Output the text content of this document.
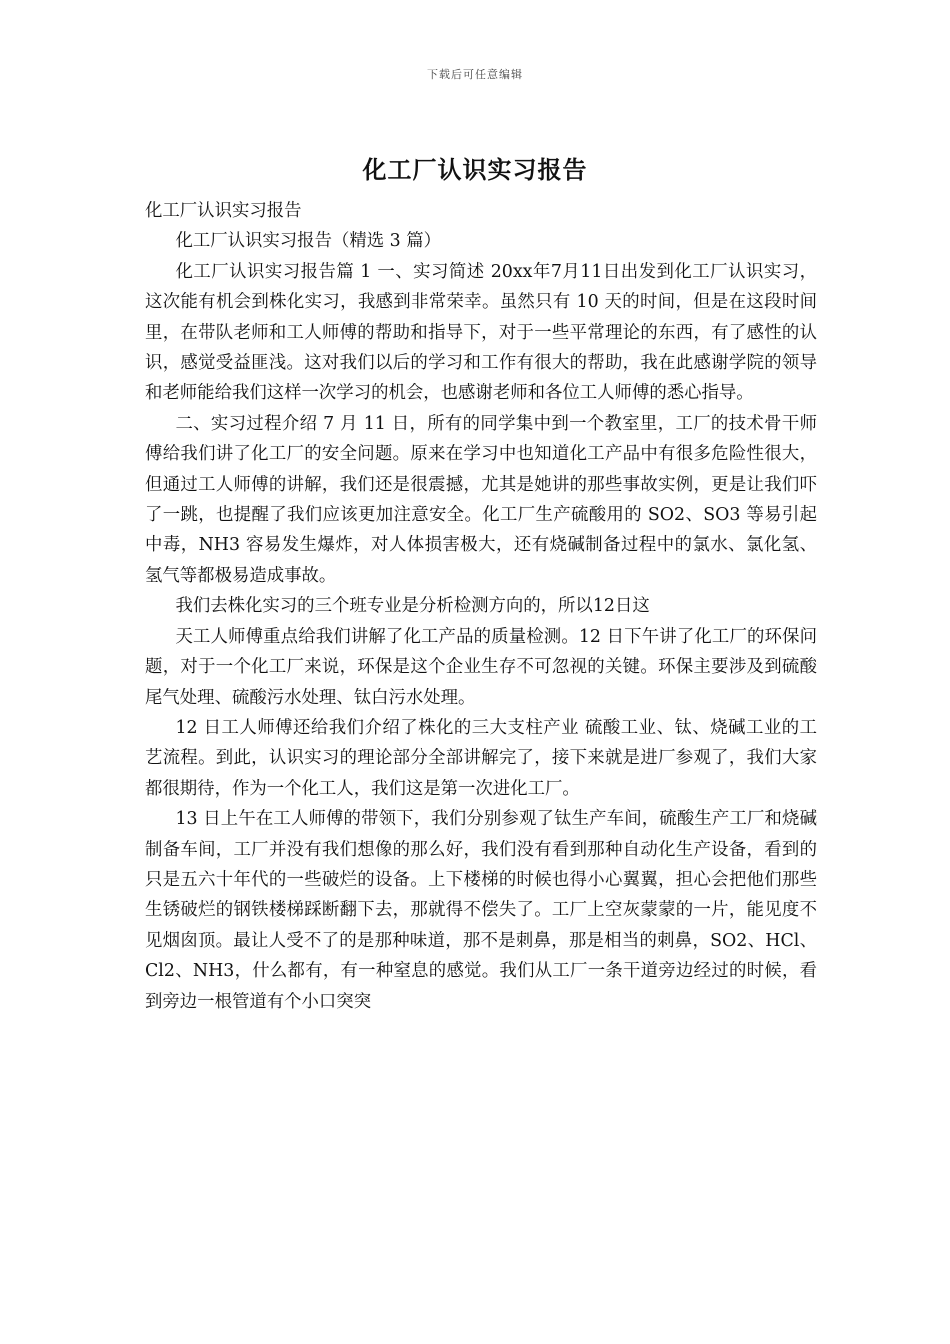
下载后可任意编辑
化工厂认识实习报告

化工厂认识实习报告

化工厂认识实习报告（精选 3 篇）

化工厂认识实习报告篇 1 一、实习简述 20xx年7月11日出发到化工厂认识实习，这次能有机会到株化实习，我感到非常荣幸。虽然只有 10 天的时间，但是在这段时间里，在带队老师和工人师傅的帮助和指导下，对于一些平常理论的东西，有了感性的认识，感觉受益匪浅。这对我们以后的学习和工作有很大的帮助，我在此感谢学院的领导和老师能给我们这样一次学习的机会，也感谢老师和各位工人师傅的悉心指导。

二、实习过程介绍 7 月 11 日，所有的同学集中到一个教室里，工厂的技术骨干师傅给我们讲了化工厂的安全问题。原来在学习中也知道化工产品中有很多危险性很大，但通过工人师傅的讲解，我们还是很震撼，尤其是她讲的那些事故实例，更是让我们吓了一跳，也提醒了我们应该更加注意安全。化工厂生产硫酸用的 SO2、SO3 等易引起中毒，NH3 容易发生爆炸，对人体损害极大，还有烧碱制备过程中的氯水、氯化氢、氢气等都极易造成事故。

我们去株化实习的三个班专业是分析检测方向的，所以12日这

天工人师傅重点给我们讲解了化工产品的质量检测。12 日下午讲了化工厂的环保问题，对于一个化工厂来说，环保是这个企业生存不可忽视的关键。环保主要涉及到硫酸尾气处理、硫酸污水处理、钛白污水处理。

12 日工人师傅还给我们介绍了株化的三大支柱产业 硫酸工业、钛、烧碱工业的工艺流程。到此，认识实习的理论部分全部讲解完了，接下来就是进厂参观了，我们大家都很期待，作为一个化工人，我们这是第一次进化工厂。

13 日上午在工人师傅的带领下，我们分别参观了钛生产车间，硫酸生产工厂和烧碱制备车间，工厂并没有我们想像的那么好，我们没有看到那种自动化生产设备，看到的只是五六十年代的一些破烂的设备。上下楼梯的时候也得小心翼翼，担心会把他们那些生锈破烂的钢铁楼梯踩断翻下去，那就得不偿失了。工厂上空灰蒙蒙的一片，能见度不见烟囱顶。最让人受不了的是那种味道，那不是刺鼻，那是相当的刺鼻，SO2、HCl、Cl2、NH3，什么都有，有一种窒息的感觉。我们从工厂一条干道旁边经过的时候，看到旁边一根管道有个小口突突
